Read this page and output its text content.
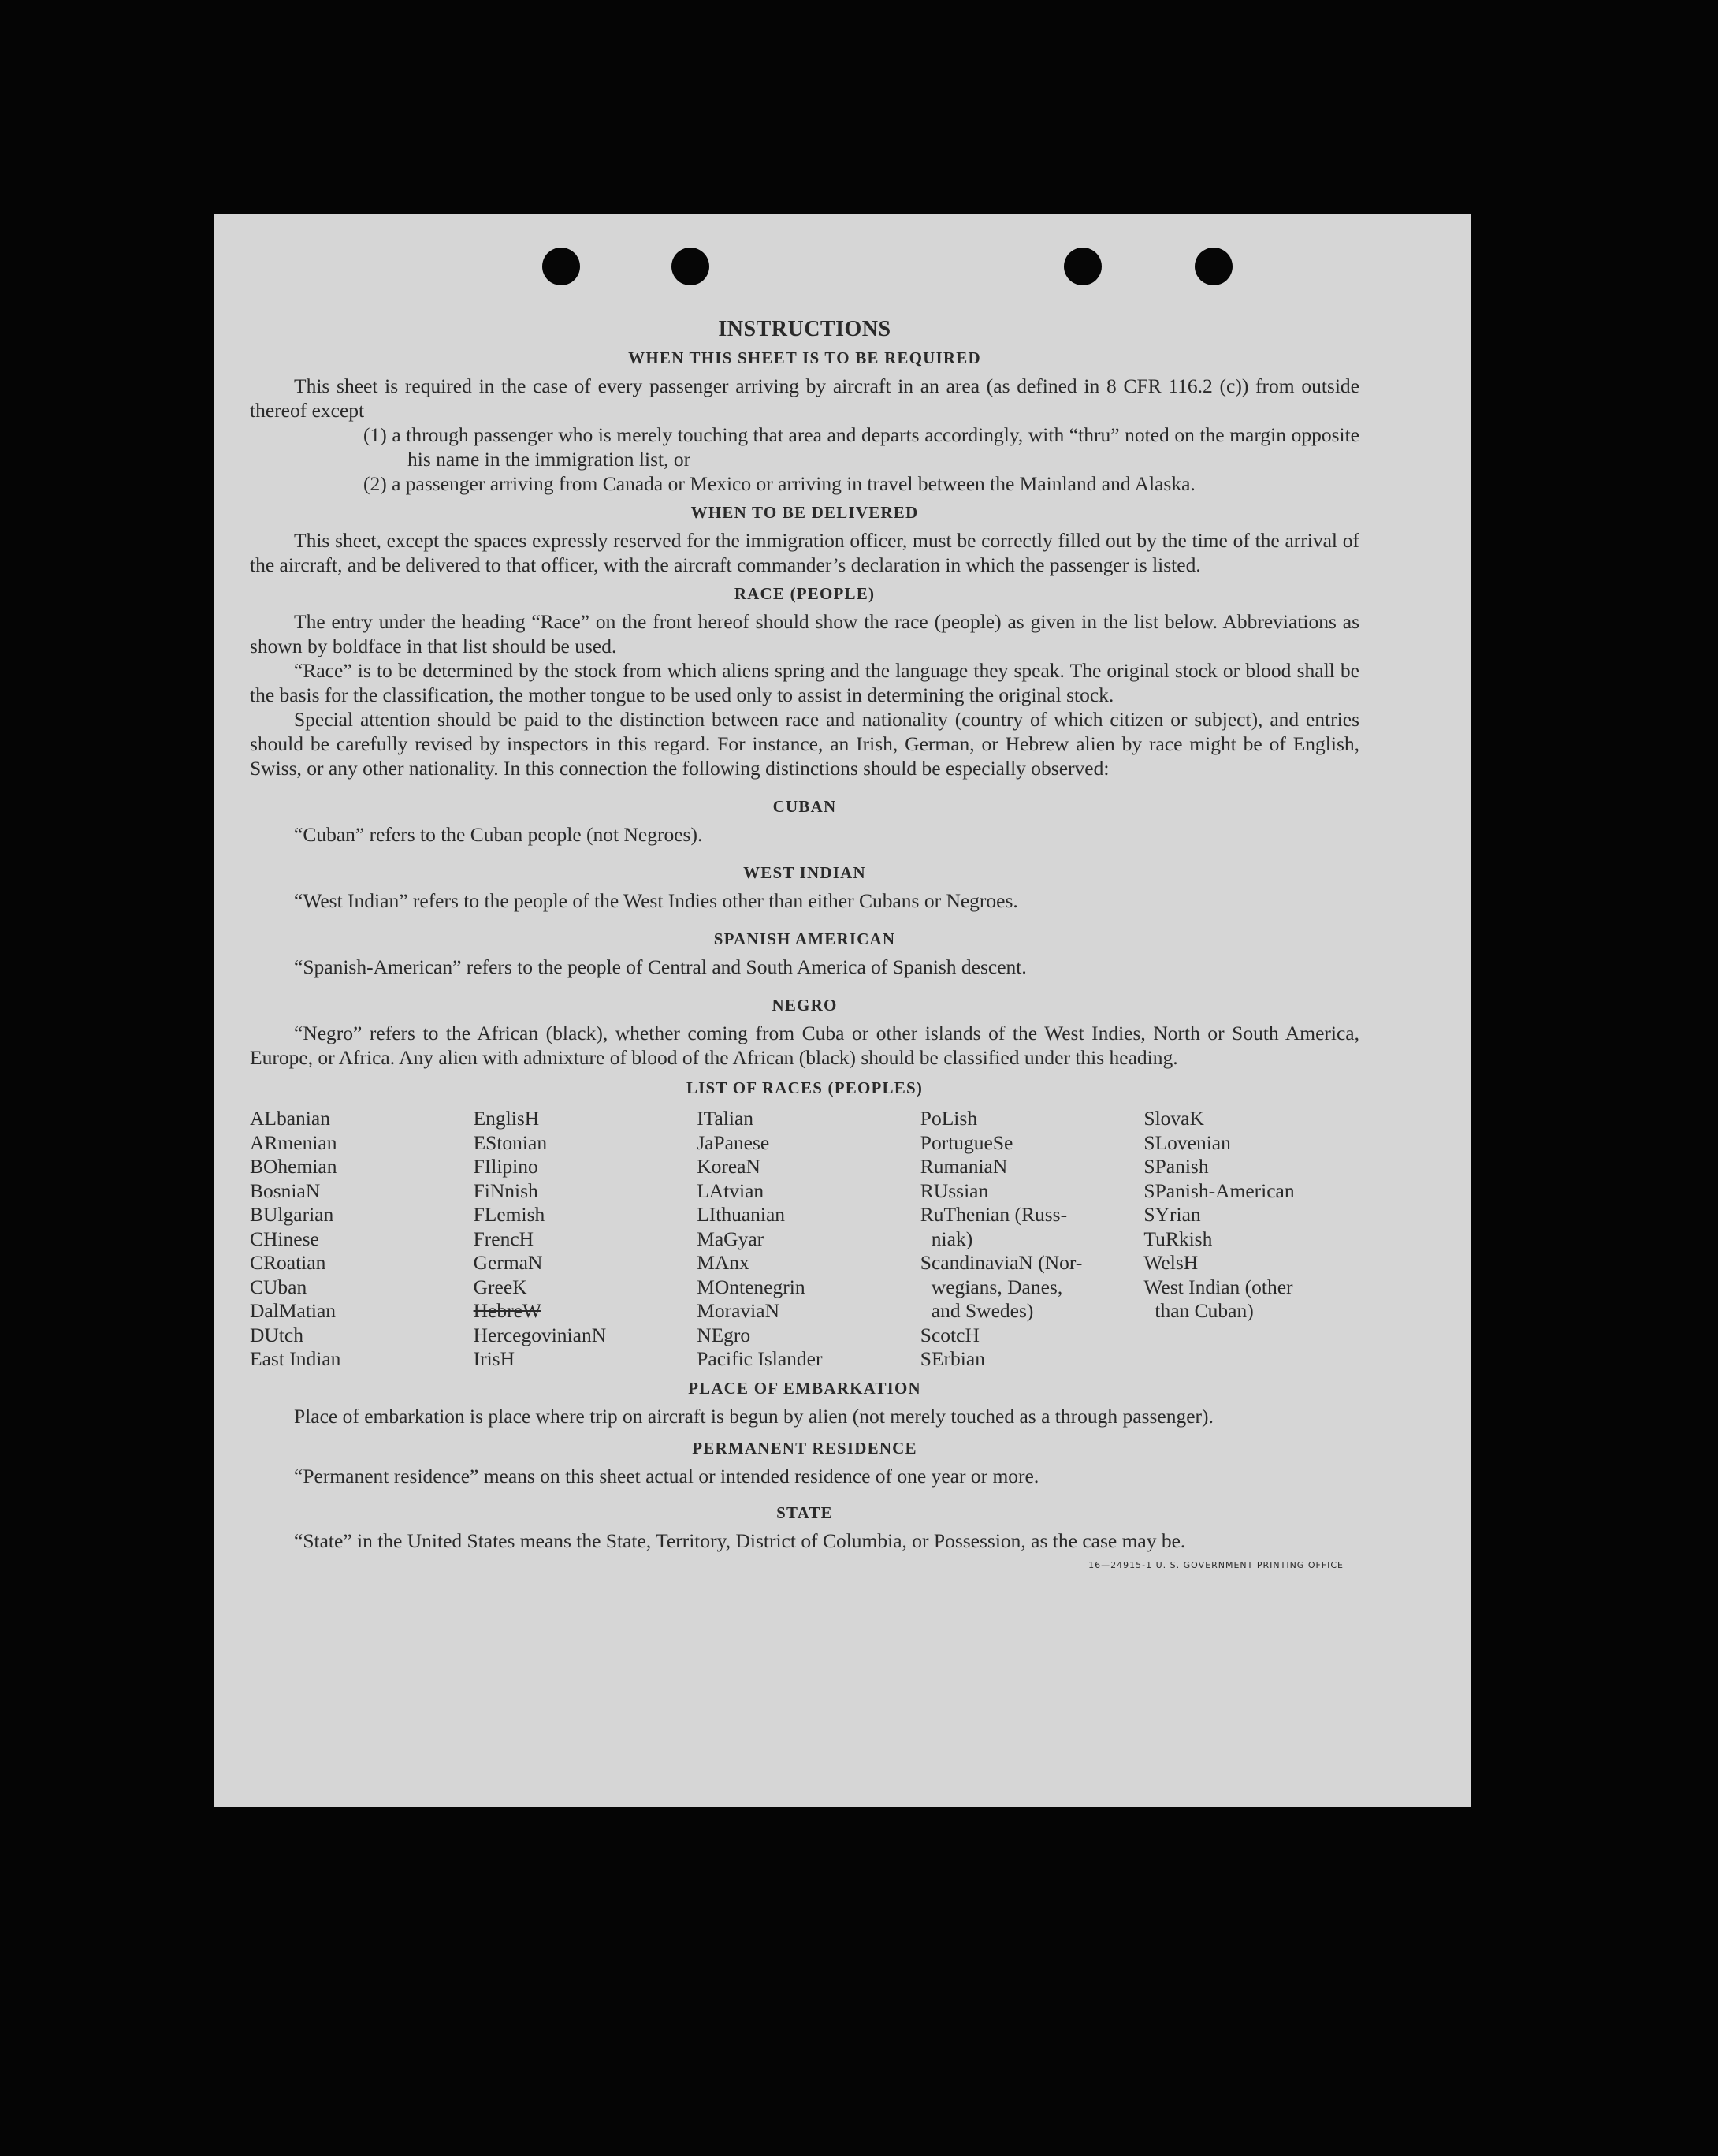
INSTRUCTIONS
WHEN THIS SHEET IS TO BE REQUIRED

This sheet is required in the case of every passenger arriving by aircraft in an area (as defined in 8 CFR 116.2 (c)) from outside thereof except

(1) a through passenger who is merely touching that area and departs accordingly, with “thru” noted on the margin opposite his name in the immigration list, or

(2) a passenger arriving from Canada or Mexico or arriving in travel between the Mainland and Alaska.

WHEN TO BE DELIVERED

This sheet, except the spaces expressly reserved for the immigration officer, must be correctly filled out by the time of the arrival of the aircraft, and be delivered to that officer, with the aircraft commander’s declaration in which the passenger is listed.

RACE (PEOPLE)

The entry under the heading “Race” on the front hereof should show the race (people) as given in the list below. Abbreviations as shown by boldface in that list should be used.

“Race” is to be determined by the stock from which aliens spring and the language they speak. The original stock or blood shall be the basis for the classification, the mother tongue to be used only to assist in determining the original stock.

Special attention should be paid to the distinction between race and nationality (country of which citizen or subject), and entries should be carefully revised by inspectors in this regard. For instance, an Irish, German, or Hebrew alien by race might be of English, Swiss, or any other nationality. In this connection the following distinctions should be especially observed:

CUBAN

“Cuban” refers to the Cuban people (not Negroes).

WEST INDIAN

“West Indian” refers to the people of the West Indies other than either Cubans or Negroes.

SPANISH AMERICAN

“Spanish-American” refers to the people of Central and South America of Spanish descent.

NEGRO

“Negro” refers to the African (black), whether coming from Cuba or other islands of the West Indies, North or South America, Europe, or Africa. Any alien with admixture of blood of the African (black) should be classified under this heading.

LIST OF RACES (PEOPLES)
ALbanian
ARmenian
BOhemian
BosniaN
BUlgarian
CHinese
CRoatian
CUban
DalMatian
DUtch
East Indian
EnglisH
EStonian
FIlipino
FiNnish
FLemish
FrencH
GermaN
GreeK
HebreW
HercegovinianN
IrisH
ITalian
JaPanese
KoreaN
LAtvian
LIthuanian
MaGyar
MAnx
MOntenegrin
MoraviaN
NEgro
Pacific Islander
PoLish
PortugueSe
RumaniaN
RUssian
RuThenian (Russ-
niak)
ScandinaviaN (Nor-
wegians, Danes,
and Swedes)
ScotcH
SErbian
SlovaK
SLovenian
SPanish
SPanish-American
SYrian
TuRkish
WelsH
West Indian (other
than Cuban)
PLACE OF EMBARKATION

Place of embarkation is place where trip on aircraft is begun by alien (not merely touched as a through passenger).

PERMANENT RESIDENCE

“Permanent residence” means on this sheet actual or intended residence of one year or more.

STATE

“State” in the United States means the State, Territory, District of Columbia, or Possession, as the case may be.

16—24915-1 U. S. GOVERNMENT PRINTING OFFICE
